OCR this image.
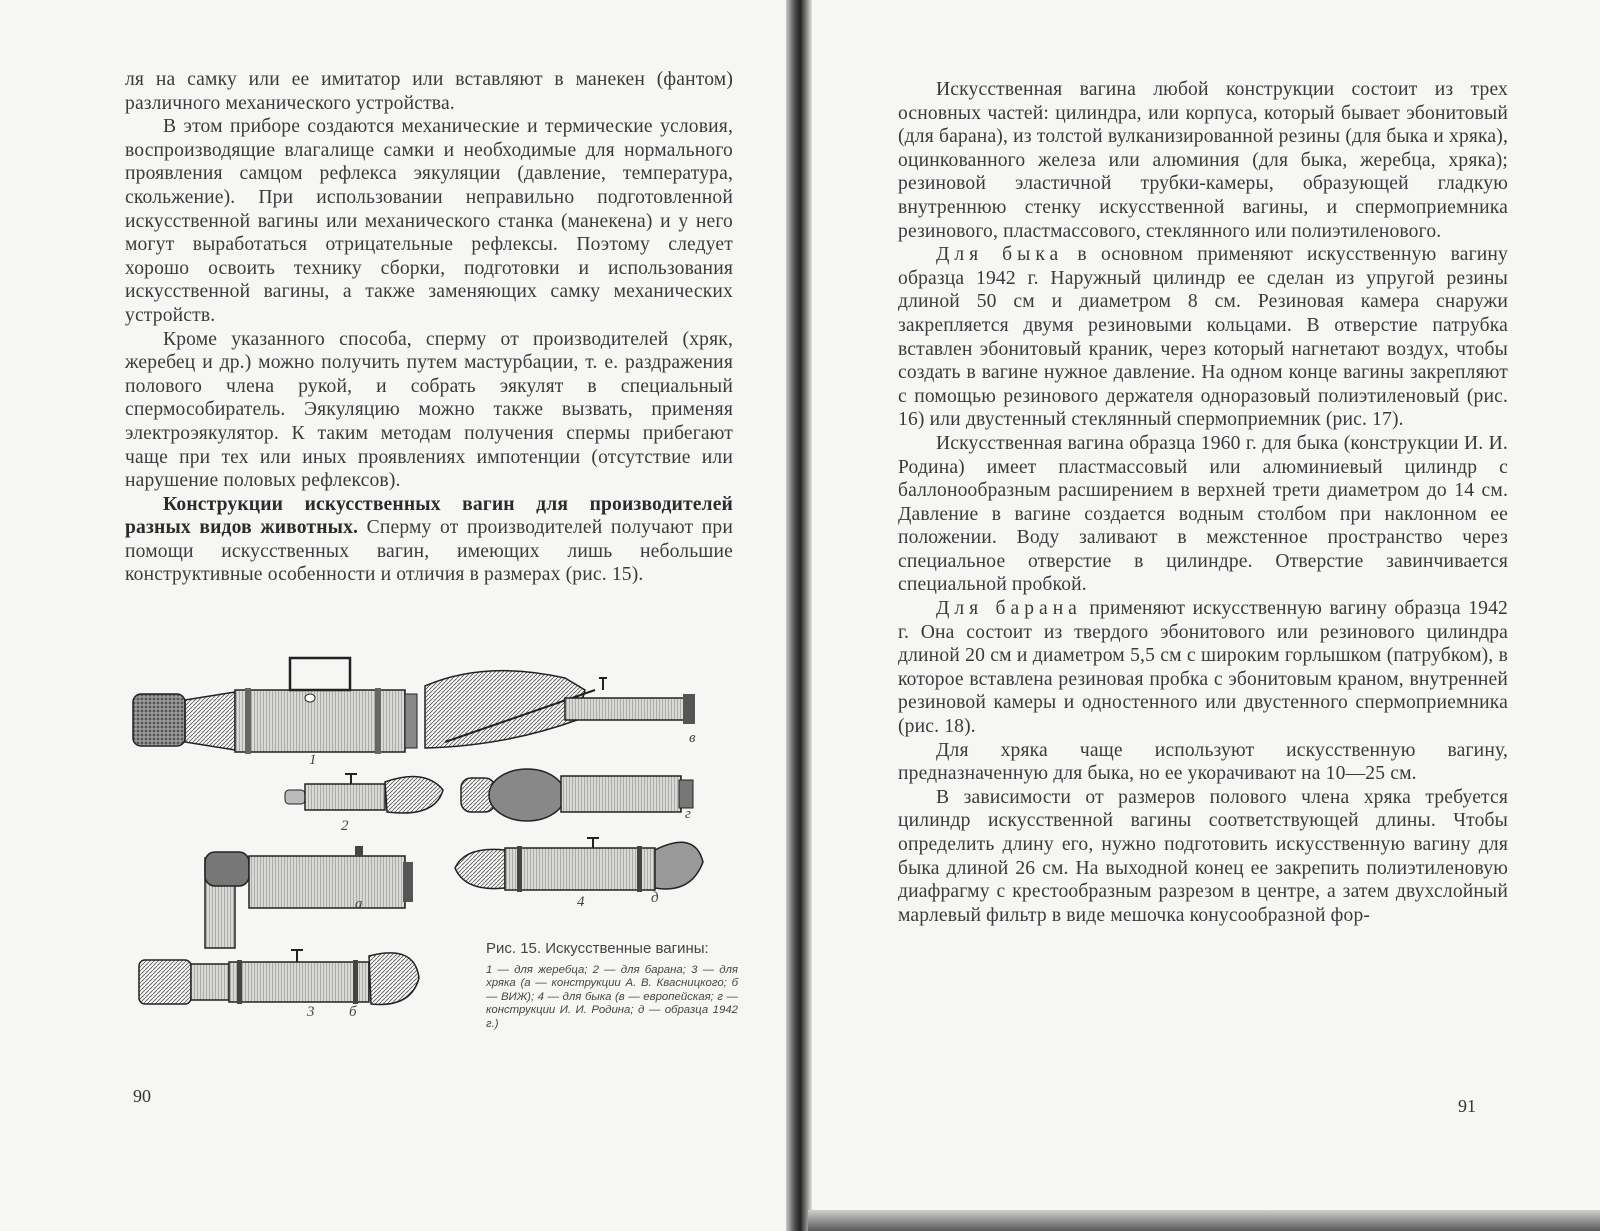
ля на самку или ее имитатор или вставляют в манекен (фантом) различного механического устройства.

В этом приборе создаются механические и термические условия, воспроизводящие влагалище самки и необходимые для нормального проявления самцом рефлекса эякуляции (давление, температура, скольжение). При использовании неправильно подготовленной искусственной вагины или механического станка (манекена) и у него могут выработаться отрицательные рефлексы. Поэтому следует хорошо освоить технику сборки, подготовки и использования искусственной вагины, а также заменяющих самку механических устройств.

Кроме указанного способа, сперму от производителей (хряк, жеребец и др.) можно получить путем мастурбации, т. е. раздражения полового члена рукой, и собрать эякулят в специальный спермособиратель. Эякуляцию можно также вызвать, применяя электроэякулятор. К таким методам получения спермы прибегают чаще при тех или иных проявлениях импотенции (отсутствие или нарушение половых рефлексов).

Конструкции искусственных вагин для производителей разных видов животных. Сперму от производителей получают при помощи искусственных вагин, имеющих лишь небольшие конструктивные особенности и отличия в размерах (рис. 15).

1
в
2
г
а	4	д
3 б
Рис. 15. Искусственные вагины:
1 — для жеребца; 2 — для барана; 3 — для хряка (а — конструкции А. В. Квасницкого; б — ВИЖ); 4 — для быка (в — европейская; г — конструкции И. И. Родина; д — образца 1942 г.)
90

Искусственная вагина любой конструкции состоит из трех основных частей: цилиндра, или корпуса, который бывает эбонитовый (для барана), из толстой вулканизированной резины (для быка и хряка), оцинкованного железа или алюминия (для быка, жеребца, хряка); резиновой эластичной трубки-камеры, образующей гладкую внутреннюю стенку искусственной вагины, и спермоприемника резинового, пластмассового, стеклянного или полиэтиленового.

Для быка в основном применяют искусственную вагину образца 1942 г. Наружный цилиндр ее сделан из упругой резины длиной 50 см и диаметром 8 см. Резиновая камера снаружи закрепляется двумя резиновыми кольцами. В отверстие патрубка вставлен эбонитовый краник, через который нагнетают воздух, чтобы создать в вагине нужное давление. На одном конце вагины закрепляют с помощью резинового держателя одноразовый полиэтиленовый (рис. 16) или двустенный стеклянный спермоприемник (рис. 17).

Искусственная вагина образца 1960 г. для быка (конструкции И. И. Родина) имеет пластмассовый или алюминиевый цилиндр с баллонообразным расширением в верхней трети диаметром до 14 см. Давление в вагине создается водным столбом при наклонном ее положении. Воду заливают в межстенное пространство через специальное отверстие в цилиндре. Отверстие завинчивается специальной пробкой.

Для барана применяют искусственную вагину образца 1942 г. Она состоит из твердого эбонитового или резинового цилиндра длиной 20 см и диаметром 5,5 см с широким горлышком (патрубком), в которое вставлена резиновая пробка с эбонитовым краном, внутренней резиновой камеры и одностенного или двустенного спермоприемника (рис. 18).

Для хряка чаще используют искусственную вагину, предназначенную для быка, но ее укорачивают на 10—25 см.

В зависимости от размеров полового члена хряка требуется цилиндр искусственной вагины соответствующей длины. Чтобы определить длину его, нужно подготовить искусственную вагину для быка длиной 26 см. На выходной конец ее закрепить полиэтиленовую диафрагму с крестообразным разрезом в центре, а затем двухслойный марлевый фильтр в виде мешочка конусообразной фор-

91
